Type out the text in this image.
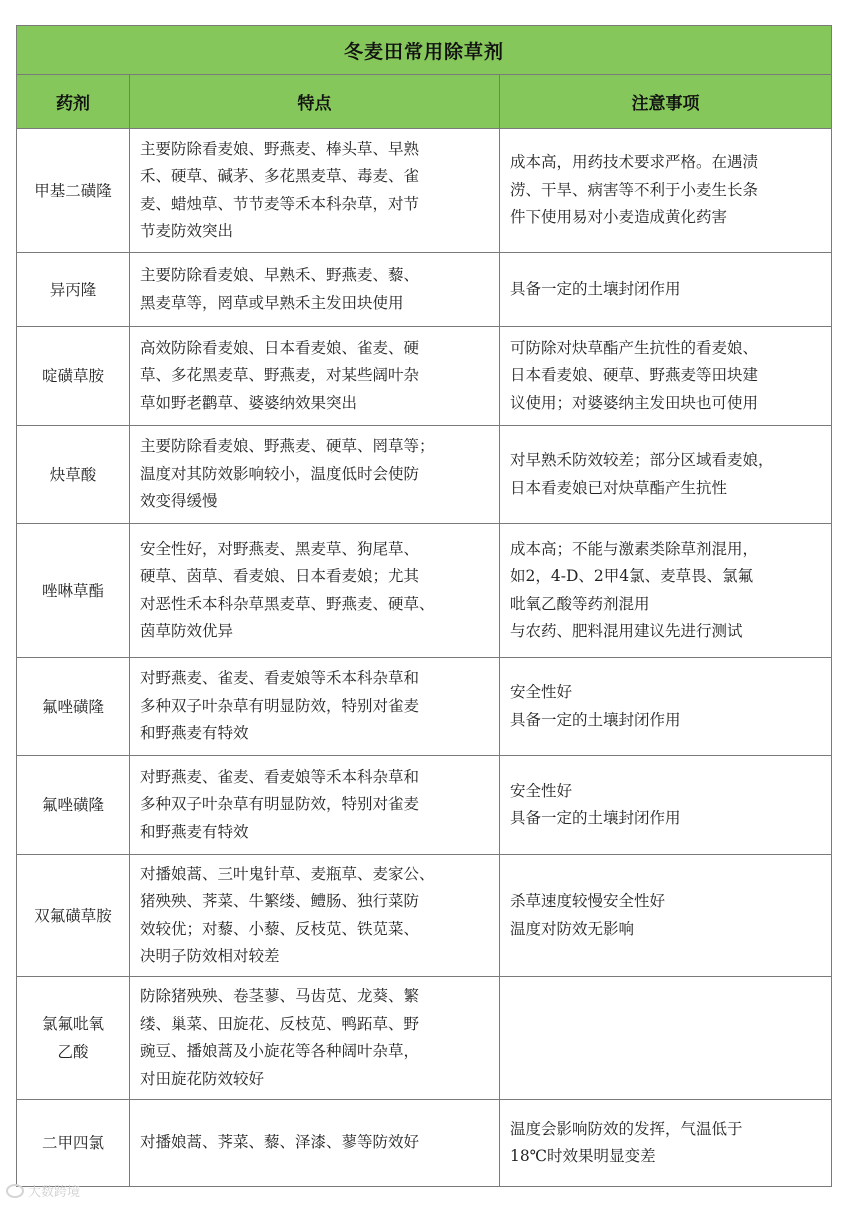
冬麦田常用除草剂		
药剂	特点	注意事项
甲基二磺隆	主要防除看麦娘、野燕麦、棒头草、早熟
禾、硬草、碱茅、多花黑麦草、毒麦、雀
麦、蜡烛草、节节麦等禾本科杂草，对节
节麦防效突出	成本高，用药技术要求严格。在遇渍
涝、干旱、病害等不利于小麦生长条
件下使用易对小麦造成黄化药害
异丙隆	主要防除看麦娘、早熟禾、野燕麦、藜、
黑麦草等，罔草或早熟禾主发田块使用	具备一定的土壤封闭作用
啶磺草胺	高效防除看麦娘、日本看麦娘、雀麦、硬
草、多花黑麦草、野燕麦，对某些阔叶杂
草如野老鹳草、婆婆纳效果突出	可防除对炔草酯产生抗性的看麦娘、
日本看麦娘、硬草、野燕麦等田块建
议使用；对婆婆纳主发田块也可使用
炔草酸	主要防除看麦娘、野燕麦、硬草、罔草等；
温度对其防效影响较小，温度低时会使防
效变得缓慢	对早熟禾防效较差；部分区域看麦娘，
日本看麦娘已对炔草酯产生抗性
唑啉草酯	安全性好，对野燕麦、黑麦草、狗尾草、
硬草、茵草、看麦娘、日本看麦娘；尤其
对恶性禾本科杂草黑麦草、野燕麦、硬草、
茵草防效优异	成本高；不能与激素类除草剂混用，
如2，4-D、2甲4氯、麦草畏、氯氟
吡氧乙酸等药剂混用
与农药、肥料混用建议先进行测试
氟唑磺隆	对野燕麦、雀麦、看麦娘等禾本科杂草和
多种双子叶杂草有明显防效，特别对雀麦
和野燕麦有特效	安全性好
具备一定的土壤封闭作用
氟唑磺隆	对野燕麦、雀麦、看麦娘等禾本科杂草和
多种双子叶杂草有明显防效，特别对雀麦
和野燕麦有特效	安全性好
具备一定的土壤封闭作用
双氟磺草胺	对播娘蒿、三叶鬼针草、麦瓶草、麦家公、
猪殃殃、荠菜、牛繁缕、鳢肠、独行菜防
效较优；对藜、小藜、反枝苋、铁苋菜、
决明子防效相对较差	杀草速度较慢安全性好
温度对防效无影响
氯氟吡氧
乙酸	防除猪殃殃、卷茎蓼、马齿苋、龙葵、繁
缕、巢菜、田旋花、反枝苋、鸭跖草、野
豌豆、播娘蒿及小旋花等各种阔叶杂草，
对田旋花防效较好	
二甲四氯	对播娘蒿、荠菜、藜、泽漆、蓼等防效好	温度会影响防效的发挥，气温低于
18℃时效果明显变差
大数跨境
